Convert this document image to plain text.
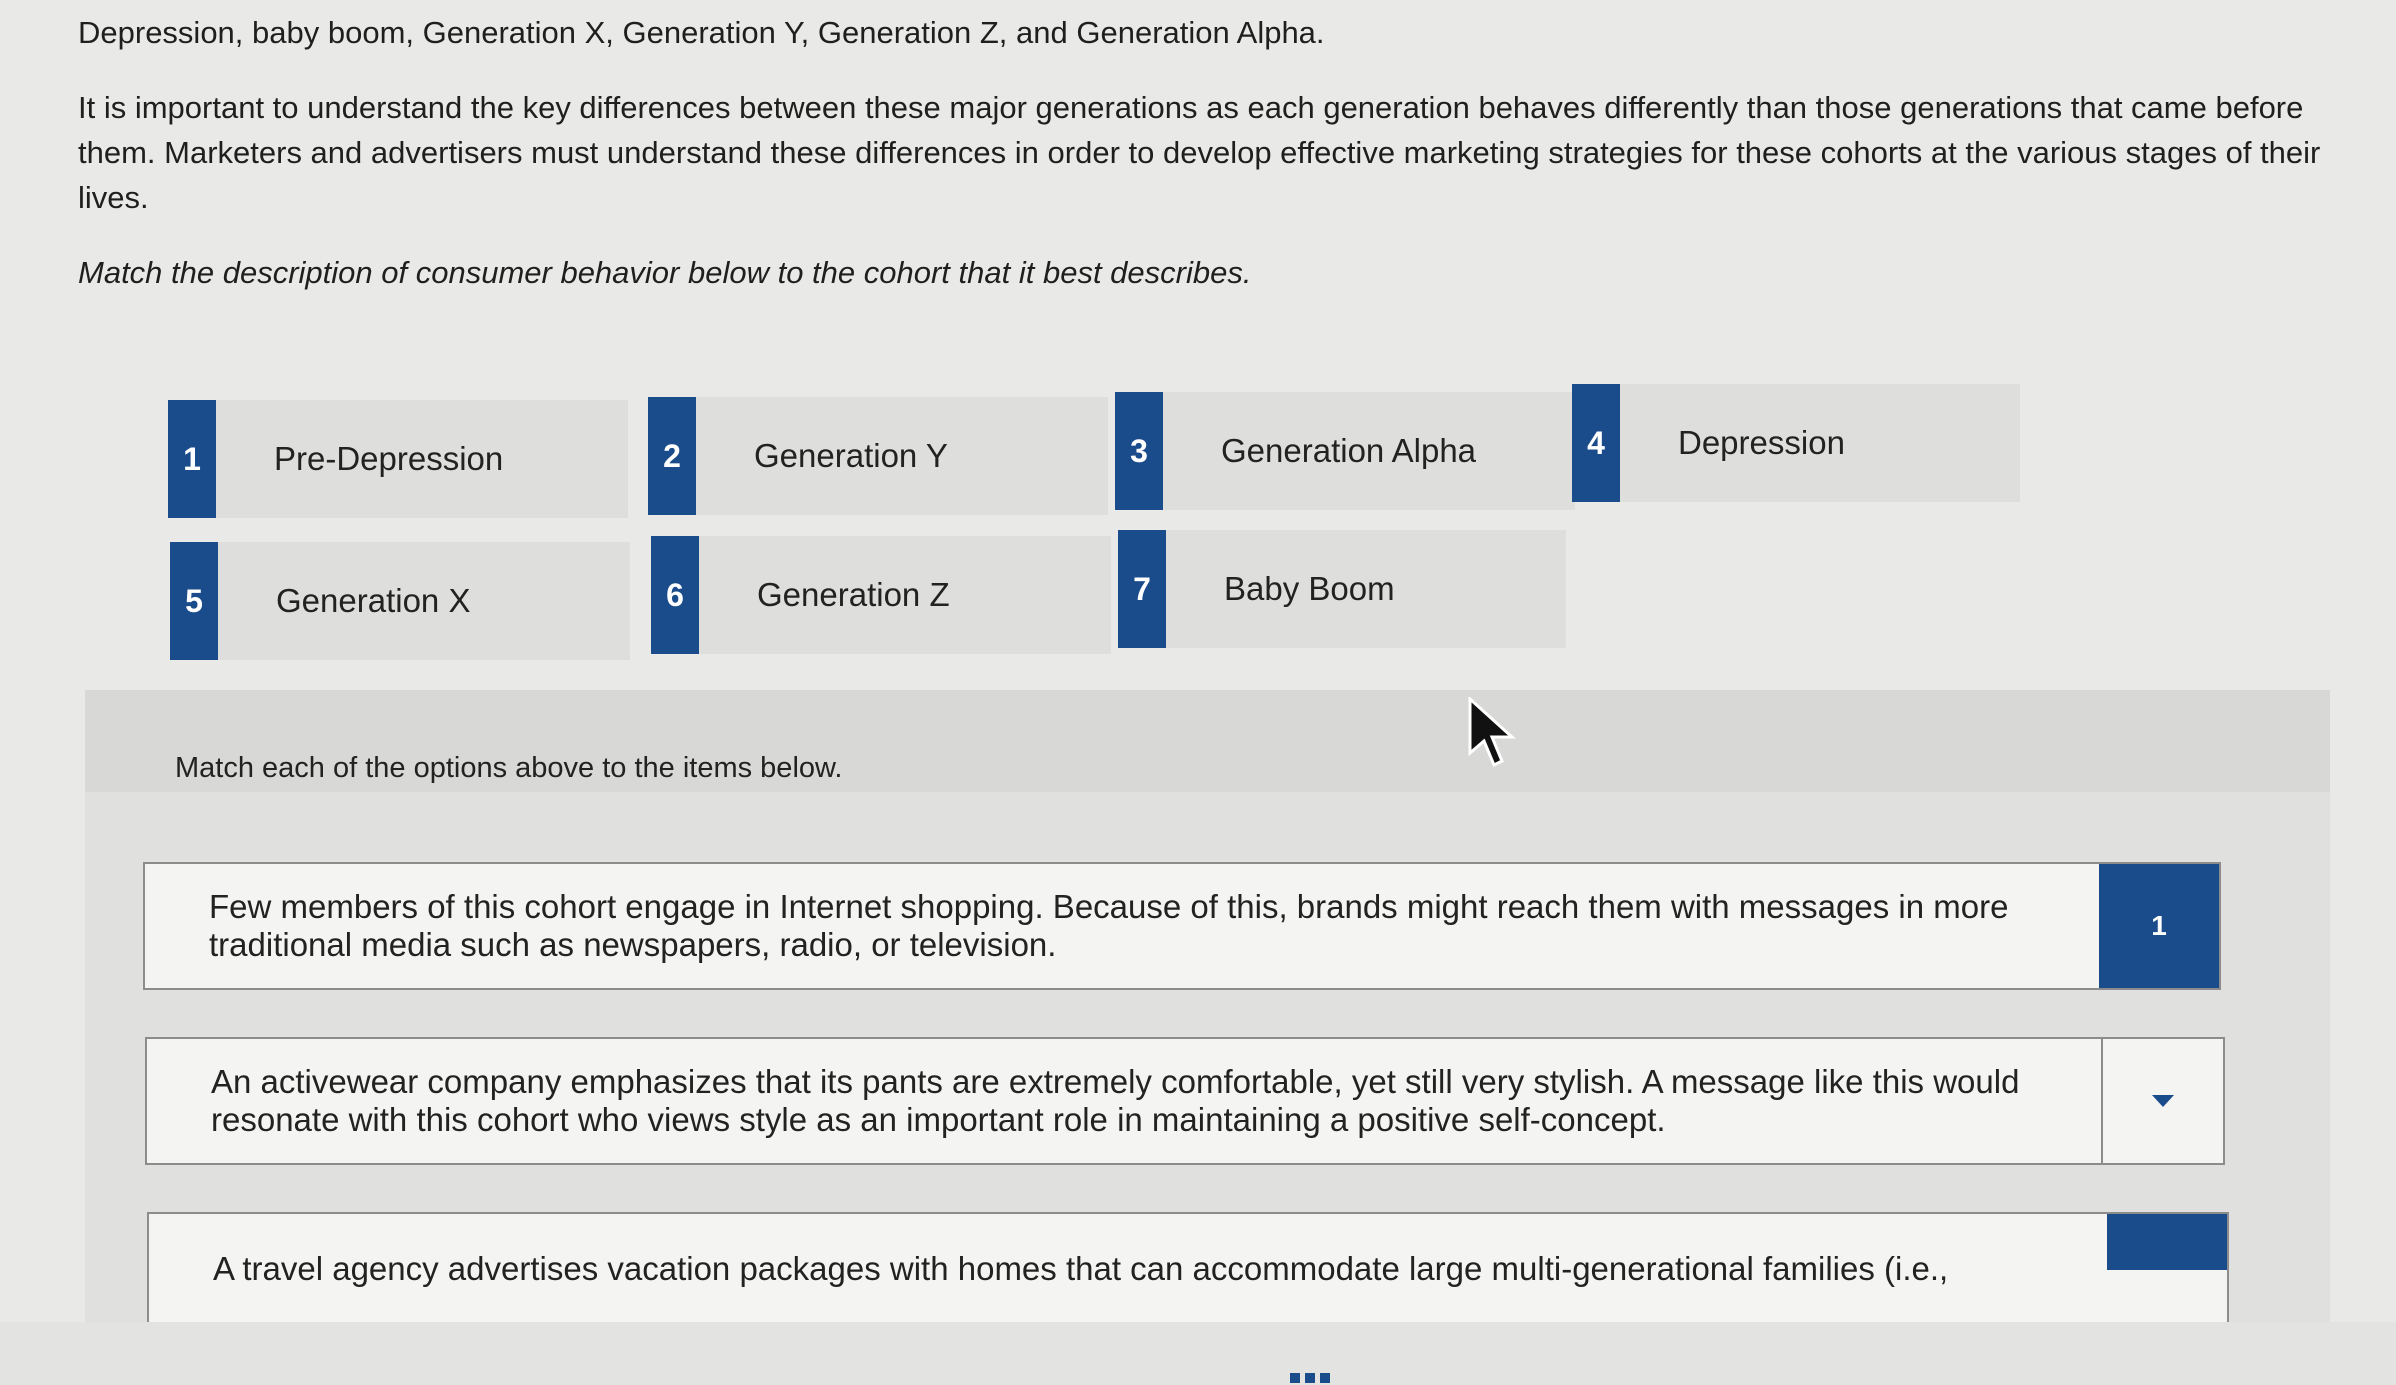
Depression, baby boom, Generation X, Generation Y, Generation Z, and Generation Alpha.

It is important to understand the key differences between these major generations as each generation behaves differently than those generations that came before them. Marketers and advertisers must understand these differences in order to develop effective marketing strategies for these cohorts at the various stages of their lives.

Match the description of consumer behavior below to the cohort that it best describes.

1	Pre-Depression	2	Generation Y	3	Generation Alpha	4	Depression
5	Generation X	6	Generation Z	7	Baby Boom
Match each of the options above to the items below.
Few members of this cohort engage in Internet shopping. Because of this, brands might reach them with messages in more traditional media such as newspapers, radio, or television.
1
An activewear company emphasizes that its pants are extremely comfortable, yet still very stylish. A message like this would resonate with this cohort who views style as an important role in maintaining a positive self-concept.
A travel agency advertises vacation packages with homes that can accommodate large multi-generational families (i.e.,
